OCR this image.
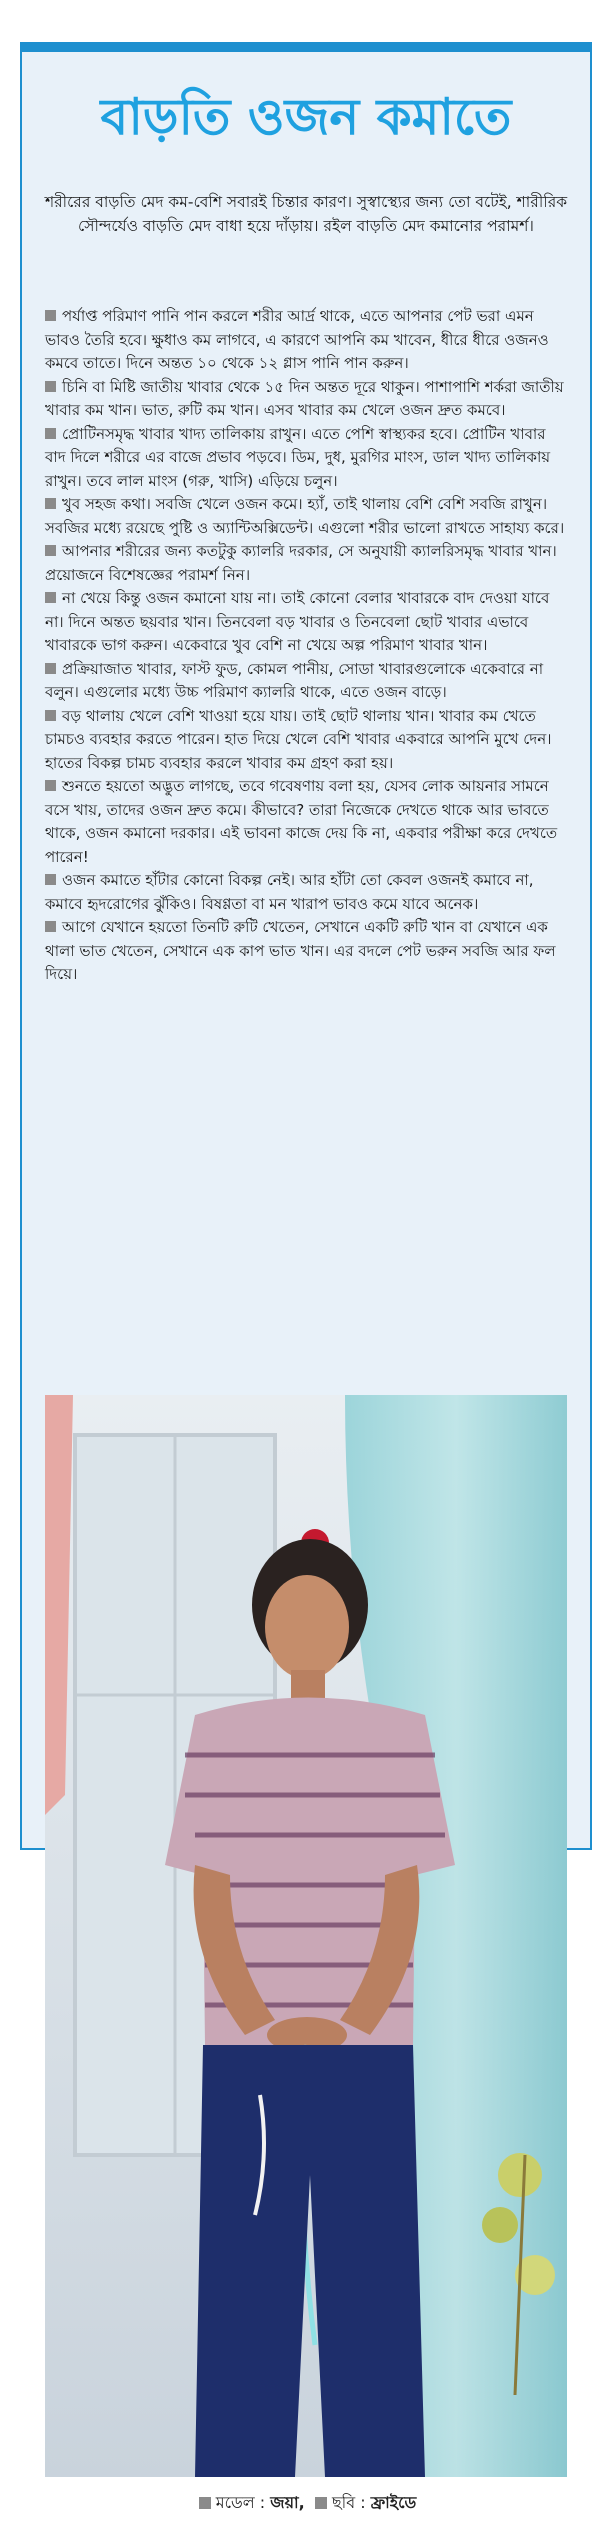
বাড়তি ওজন কমাতে

শরীরের বাড়তি মেদ কম-বেশি সবারই চিন্তার কারণ। সুস্বাস্থ্যের জন্য তো বটেই, শারীরিক সৌন্দর্যেও বাড়তি মেদ বাধা হয়ে দাঁড়ায়। রইল বাড়তি মেদ কমানোর পরামর্শ।

পর্যাপ্ত পরিমাণ পানি পান করলে শরীর আর্দ্র থাকে, এতে আপনার পেট ভরা এমন ভাবও তৈরি হবে। ক্ষুধাও কম লাগবে, এ কারণে আপনি কম খাবেন, ধীরে ধীরে ওজনও কমবে তাতে। দিনে অন্তত ১০ থেকে ১২ গ্লাস পানি পান করুন।
চিনি বা মিষ্টি জাতীয় খাবার থেকে ১৫ দিন অন্তত দূরে থাকুন। পাশাপাশি শর্করা জাতীয় খাবার কম খান। ভাত, রুটি কম খান। এসব খাবার কম খেলে ওজন দ্রুত কমবে।
প্রোটিনসমৃদ্ধ খাবার খাদ্য তালিকায় রাখুন। এতে পেশি স্বাস্থ্যকর হবে। প্রোটিন খাবার বাদ দিলে শরীরে এর বাজে প্রভাব পড়বে। ডিম, দুধ, মুরগির মাংস, ডাল খাদ্য তালিকায় রাখুন। তবে লাল মাংস (গরু, খাসি) এড়িয়ে চলুন।
খুব সহজ কথা। সবজি খেলে ওজন কমে। হ্যাঁ, তাই থালায় বেশি বেশি সবজি রাখুন। সবজির মধ্যে রয়েছে পুষ্টি ও অ্যান্টিঅক্সিডেন্ট। এগুলো শরীর ভালো রাখতে সাহায্য করে।
আপনার শরীরের জন্য কতটুকু ক্যালরি দরকার, সে অনুযায়ী ক্যালরিসমৃদ্ধ খাবার খান। প্রয়োজনে বিশেষজ্ঞের পরামর্শ নিন।
না খেয়ে কিন্তু ওজন কমানো যায় না। তাই কোনো বেলার খাবারকে বাদ দেওয়া যাবে না। দিনে অন্তত ছয়বার খান। তিনবেলা বড় খাবার ও তিনবেলা ছোট খাবার এভাবে খাবারকে ভাগ করুন। একেবারে খুব বেশি না খেয়ে অল্প পরিমাণ খাবার খান।
প্রক্রিয়াজাত খাবার, ফাস্ট ফুড, কোমল পানীয়, সোডা খাবারগুলোকে একেবারে না বলুন। এগুলোর মধ্যে উচ্চ পরিমাণ ক্যালরি থাকে, এতে ওজন বাড়ে।
বড় থালায় খেলে বেশি খাওয়া হয়ে যায়। তাই ছোট থালায় খান। খাবার কম খেতে চামচও ব্যবহার করতে পারেন। হাত দিয়ে খেলে বেশি খাবার একবারে আপনি মুখে দেন। হাতের বিকল্প চামচ ব্যবহার করলে খাবার কম গ্রহণ করা হয়।
শুনতে হয়তো অদ্ভুত লাগছে, তবে গবেষণায় বলা হয়, যেসব লোক আয়নার সামনে বসে খায়, তাদের ওজন দ্রুত কমে। কীভাবে? তারা নিজেকে দেখতে থাকে আর ভাবতে থাকে, ওজন কমানো দরকার। এই ভাবনা কাজে দেয় কি না, একবার পরীক্ষা করে দেখতে পারেন!
ওজন কমাতে হাঁটার কোনো বিকল্প নেই। আর হাঁটা তো কেবল ওজনই কমাবে না, কমাবে হৃদরোগের ঝুঁকিও। বিষণ্ণতা বা মন খারাপ ভাবও কমে যাবে অনেক।
আগে যেখানে হয়তো তিনটি রুটি খেতেন, সেখানে একটি রুটি খান বা যেখানে এক থালা ভাত খেতেন, সেখানে এক কাপ ভাত খান। এর বদলে পেট ভরুন সবজি আর ফল দিয়ে।
মডেল : জয়া, ছবি : ফ্রাইডে
